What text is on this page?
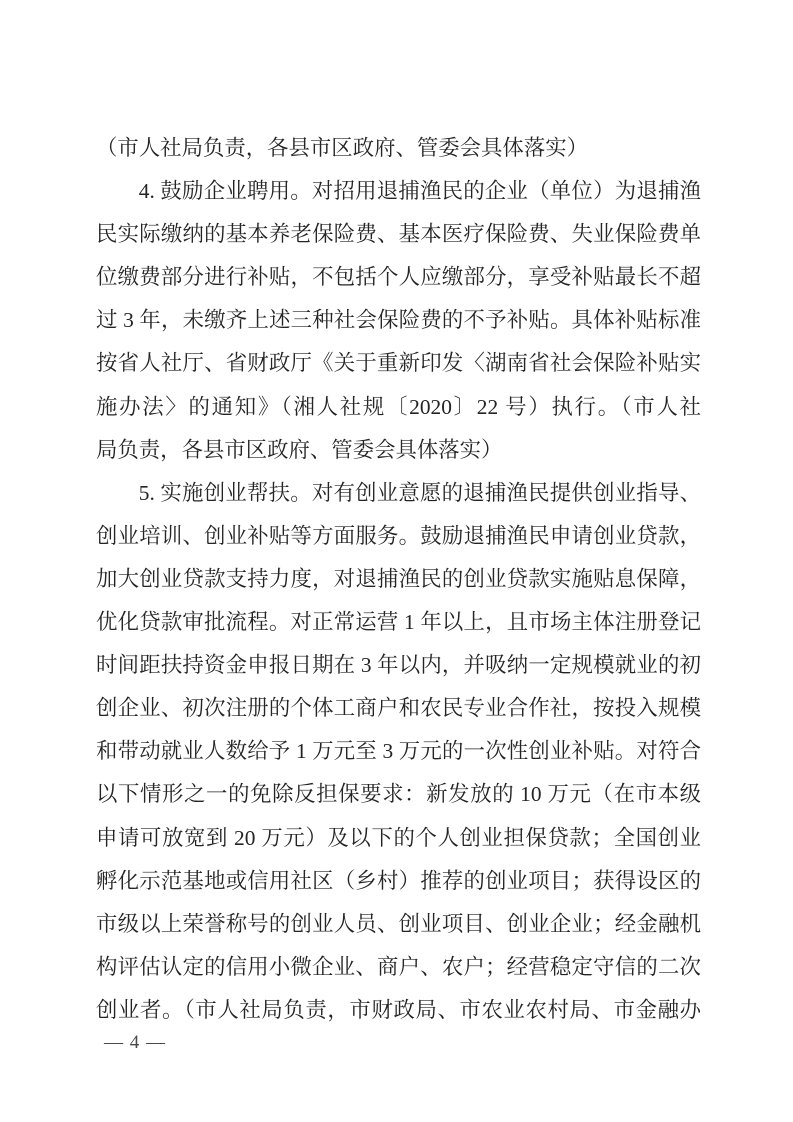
（市人社局负责，各县市区政府、管委会具体落实）
4. 鼓励企业聘用。对招用退捕渔民的企业（单位）为退捕渔
民实际缴纳的基本养老保险费、基本医疗保险费、失业保险费单
位缴费部分进行补贴，不包括个人应缴部分，享受补贴最长不超
过 3 年，未缴齐上述三种社会保险费的不予补贴。具体补贴标准
按省人社厅、省财政厅《关于重新印发〈湖南省社会保险补贴实
施办法〉的通知》（湘人社规〔2020〕22 号）执行。（市人社
局负责，各县市区政府、管委会具体落实）
5. 实施创业帮扶。对有创业意愿的退捕渔民提供创业指导、
创业培训、创业补贴等方面服务。鼓励退捕渔民申请创业贷款，
加大创业贷款支持力度，对退捕渔民的创业贷款实施贴息保障，
优化贷款审批流程。对正常运营 1 年以上，且市场主体注册登记
时间距扶持资金申报日期在 3 年以内，并吸纳一定规模就业的初
创企业、初次注册的个体工商户和农民专业合作社，按投入规模
和带动就业人数给予 1 万元至 3 万元的一次性创业补贴。对符合
以下情形之一的免除反担保要求：新发放的 10 万元（在市本级
申请可放宽到 20 万元）及以下的个人创业担保贷款；全国创业
孵化示范基地或信用社区（乡村）推荐的创业项目；获得设区的
市级以上荣誉称号的创业人员、创业项目、创业企业；经金融机
构评估认定的信用小微企业、商户、农户；经营稳定守信的二次
创业者。（市人社局负责，市财政局、市农业农村局、市金融办
— 4 —
